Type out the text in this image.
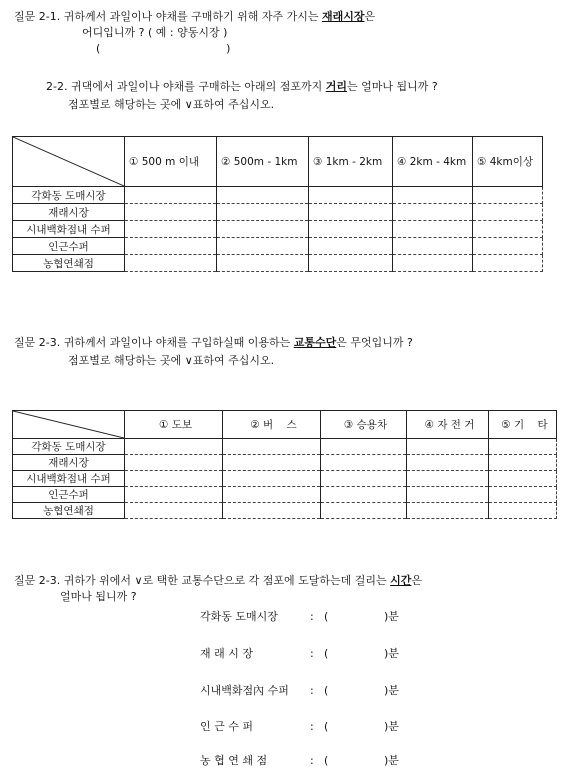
질문 2-1. 귀하께서 과일이나 야채를 구매하기 위해 자주 가시는 재래시장은
어디입니까 ? ( 예 : 양동시장 )
(                                    )
2-2. 귀댁에서 과일이나 야채를 구매하는 아래의 점포까지 거리는 얼마나 됩니까 ?
점포별로 해당하는 곳에 ∨표하여 주십시오.
	① 500 m 이내	② 500m - 1km	③ 1km - 2km	④ 2km - 4km	⑤ 4km이상
각화동 도매시장					
재래시장					
시내백화점내 수퍼					
인근수퍼					
농협연쇄점					
질문 2-3. 귀하께서 과일이나 야채를 구입하실때 이용하는 교통수단은 무엇입니까 ?
점포별로 해당하는 곳에 ∨표하여 주십시오.
	① 도보	② 버    스	③ 승용차	④ 자 전 거	⑤ 기    타
각화동 도매시장					
재래시장					
시내백화점내 수퍼					
인근수퍼					
농협연쇄점					
질문 2-3. 귀하가 위에서 ∨로 택한 교통수단으로 각 점포에 도달하는데 걸리는 시간은
얼마나 됩니까 ?
각화동 도매시장	: (	)분
재 래 시 장	: (	)분
시내백화점內 수퍼 : (	)분
인 근 수 퍼	: (	)분
농 협 연 쇄 점	: (	)분
